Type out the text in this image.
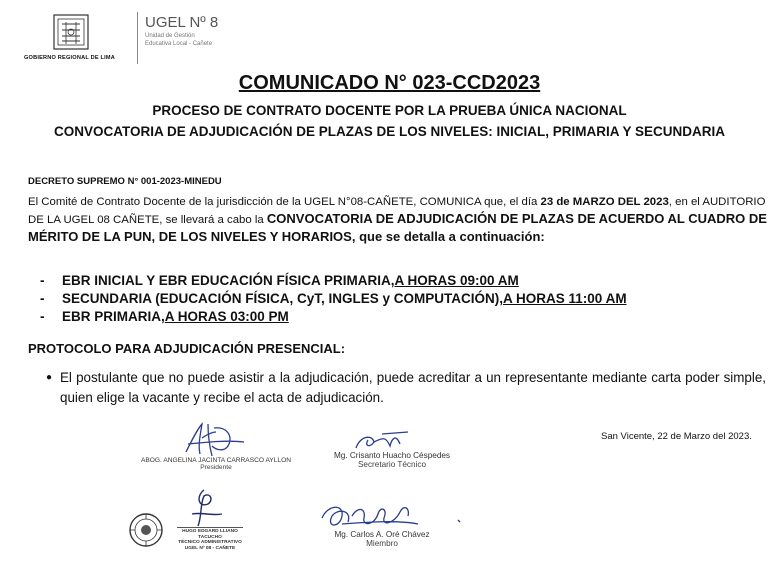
GOBIERNO REGIONAL DE LIMA
UGEL Nº 8
Unidad de Gestión
Educativa Local - Cañete
COMUNICADO N° 023-CCD2023
PROCESO DE CONTRATO DOCENTE POR LA PRUEBA ÚNICA NACIONAL
CONVOCATORIA DE ADJUDICACIÓN DE PLAZAS DE LOS NIVELES: INICIAL, PRIMARIA Y SECUNDARIA
DECRETO SUPREMO N° 001-2023-MINEDU
El Comité de Contrato Docente de la jurisdicción de la UGEL N°08-CAÑETE, COMUNICA que, el día 23 de MARZO DEL 2023, en el AUDITORIO DE LA UGEL 08 CAÑETE, se llevará a cabo la CONVOCATORIA DE ADJUDICACIÓN DE PLAZAS DE ACUERDO AL CUADRO DE MÉRITO DE LA PUN, DE LOS NIVELES Y HORARIOS, que se detalla a continuación:
-	EBR INICIAL Y EBR EDUCACIÓN FÍSICA PRIMARIA, A HORAS 09:00 AM
-	SECUNDARIA (EDUCACIÓN FÍSICA, CyT, INGLES y COMPUTACIÓN), A HORAS 11:00 AM
-	EBR PRIMARIA, A HORAS 03:00 PM
PROTOCOLO PARA ADJUDICACIÓN PRESENCIAL:
● El postulante que no puede asistir a la adjudicación, puede acreditar a un representante mediante carta poder simple, quien elige la vacante y recibe el acta de adjudicación.
San Vicente, 22 de Marzo del 2023.
ABOG. ANGELINA JACINTA CARRASCO AYLLON
Presidente
Mg. Crisanto Huacho Céspedes
Secretario Técnico
HUGO EDGARD LLIANO TACUCHO
TÉCNICO ADMINISTRATIVO
UGEL Nº 08 - CAÑETE
Mg. Carlos A. Oré Chávez
Miembro
